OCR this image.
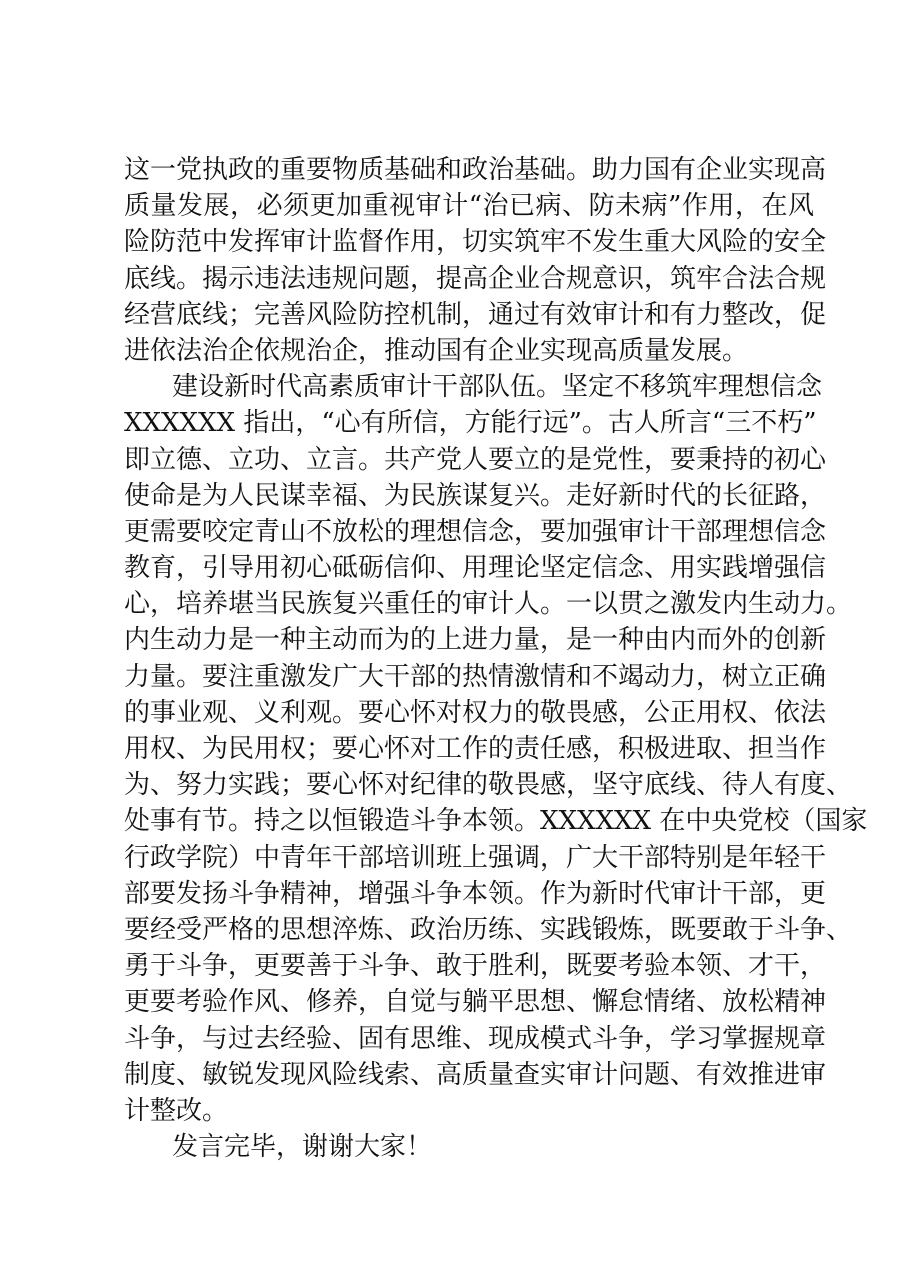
这一党执政的重要物质基础和政治基础。助力国有企业实现高
质量发展，必须更加重视审计“治已病、防未病”作用，在风
险防范中发挥审计监督作用，切实筑牢不发生重大风险的安全
底线。揭示违法违规问题，提高企业合规意识，筑牢合法合规
经营底线；完善风险防控机制，通过有效审计和有力整改，促
进依法治企依规治企，推动国有企业实现高质量发展。
建设新时代高素质审计干部队伍。坚定不移筑牢理想信念
XXXXXX 指出，“心有所信，方能行远”。古人所言“三不朽”
即立德、立功、立言。共产党人要立的是党性，要秉持的初心
使命是为人民谋幸福、为民族谋复兴。走好新时代的长征路，
更需要咬定青山不放松的理想信念，要加强审计干部理想信念
教育，引导用初心砥砺信仰、用理论坚定信念、用实践增强信
心，培养堪当民族复兴重任的审计人。一以贯之激发内生动力。
内生动力是一种主动而为的上进力量，是一种由内而外的创新
力量。要注重激发广大干部的热情激情和不竭动力，树立正确
的事业观、义利观。要心怀对权力的敬畏感，公正用权、依法
用权、为民用权；要心怀对工作的责任感，积极进取、担当作
为、努力实践；要心怀对纪律的敬畏感，坚守底线、待人有度、
处事有节。持之以恒锻造斗争本领。XXXXXX 在中央党校（国家
行政学院）中青年干部培训班上强调，广大干部特别是年轻干
部要发扬斗争精神，增强斗争本领。作为新时代审计干部，更
要经受严格的思想淬炼、政治历练、实践锻炼，既要敢于斗争、
勇于斗争，更要善于斗争、敢于胜利，既要考验本领、才干，
更要考验作风、修养，自觉与躺平思想、懈怠情绪、放松精神
斗争，与过去经验、固有思维、现成模式斗争，学习掌握规章
制度、敏锐发现风险线索、高质量查实审计问题、有效推进审
计整改。
发言完毕，谢谢大家！
